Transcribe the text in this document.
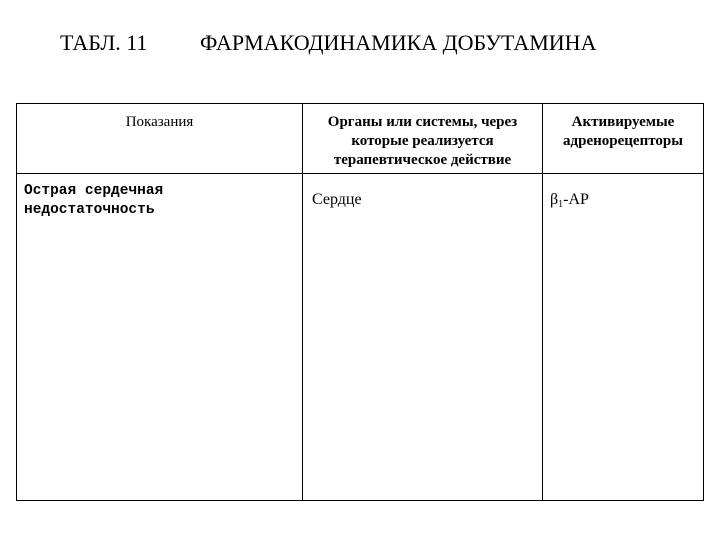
ТАБЛ. 11 ФАРМАКОДИНАМИКА ДОБУТАМИНА
Показания	Органы или системы, через которые реализуется терапевтическое действие	Активируемые адренорецепторы
Острая сердечная недостаточность	Сердце	$\beta_1-АР$
